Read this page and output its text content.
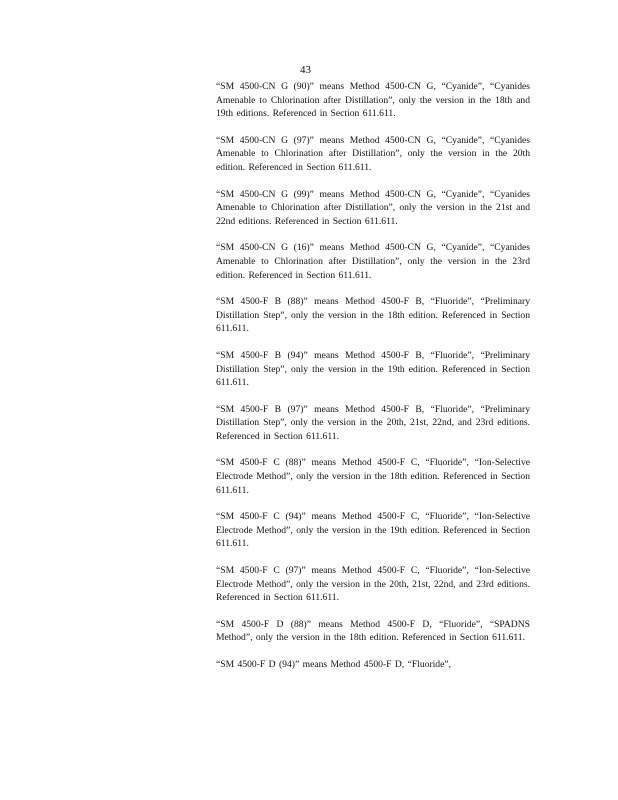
43

“SM 4500-CN G (90)” means Method 4500-CN G, “Cyanide”, “Cyanides Amenable to Chlorination after Distillation”, only the version in the 18th and 19th editions. Referenced in Section 611.611.

“SM 4500-CN G (97)” means Method 4500-CN G, “Cyanide”, “Cyanides Amenable to Chlorination after Distillation”, only the version in the 20th edition. Referenced in Section 611.611.

“SM 4500-CN G (99)” means Method 4500-CN G, “Cyanide”, “Cyanides Amenable to Chlorination after Distillation”, only the version in the 21st and 22nd editions. Referenced in Section 611.611.

“SM 4500-CN G (16)” means Method 4500-CN G, “Cyanide”, “Cyanides Amenable to Chlorination after Distillation”, only the version in the 23rd edition. Referenced in Section 611.611.

“SM 4500-F B (88)” means Method 4500-F B, “Fluoride”, “Preliminary Distillation Step”, only the version in the 18th edition. Referenced in Section 611.611.

“SM 4500-F B (94)” means Method 4500-F B, “Fluoride”, “Preliminary Distillation Step”, only the version in the 19th edition. Referenced in Section 611.611.

“SM 4500-F B (97)” means Method 4500-F B, “Fluoride”, “Preliminary Distillation Step”, only the version in the 20th, 21st, 22nd, and 23rd editions. Referenced in Section 611.611.

“SM 4500-F C (88)” means Method 4500-F C, “Fluoride”, “Ion-Selective Electrode Method”, only the version in the 18th edition. Referenced in Section 611.611.

“SM 4500-F C (94)” means Method 4500-F C, “Fluoride”, “Ion-Selective Electrode Method”, only the version in the 19th edition. Referenced in Section 611.611.

“SM 4500-F C (97)” means Method 4500-F C, “Fluoride”, “Ion-Selective Electrode Method”, only the version in the 20th, 21st, 22nd, and 23rd editions. Referenced in Section 611.611.

“SM 4500-F D (88)” means Method 4500-F D, “Fluoride”, “SPADNS Method”, only the version in the 18th edition. Referenced in Section 611.611.

“SM 4500-F D (94)” means Method 4500-F D, “Fluoride”,
